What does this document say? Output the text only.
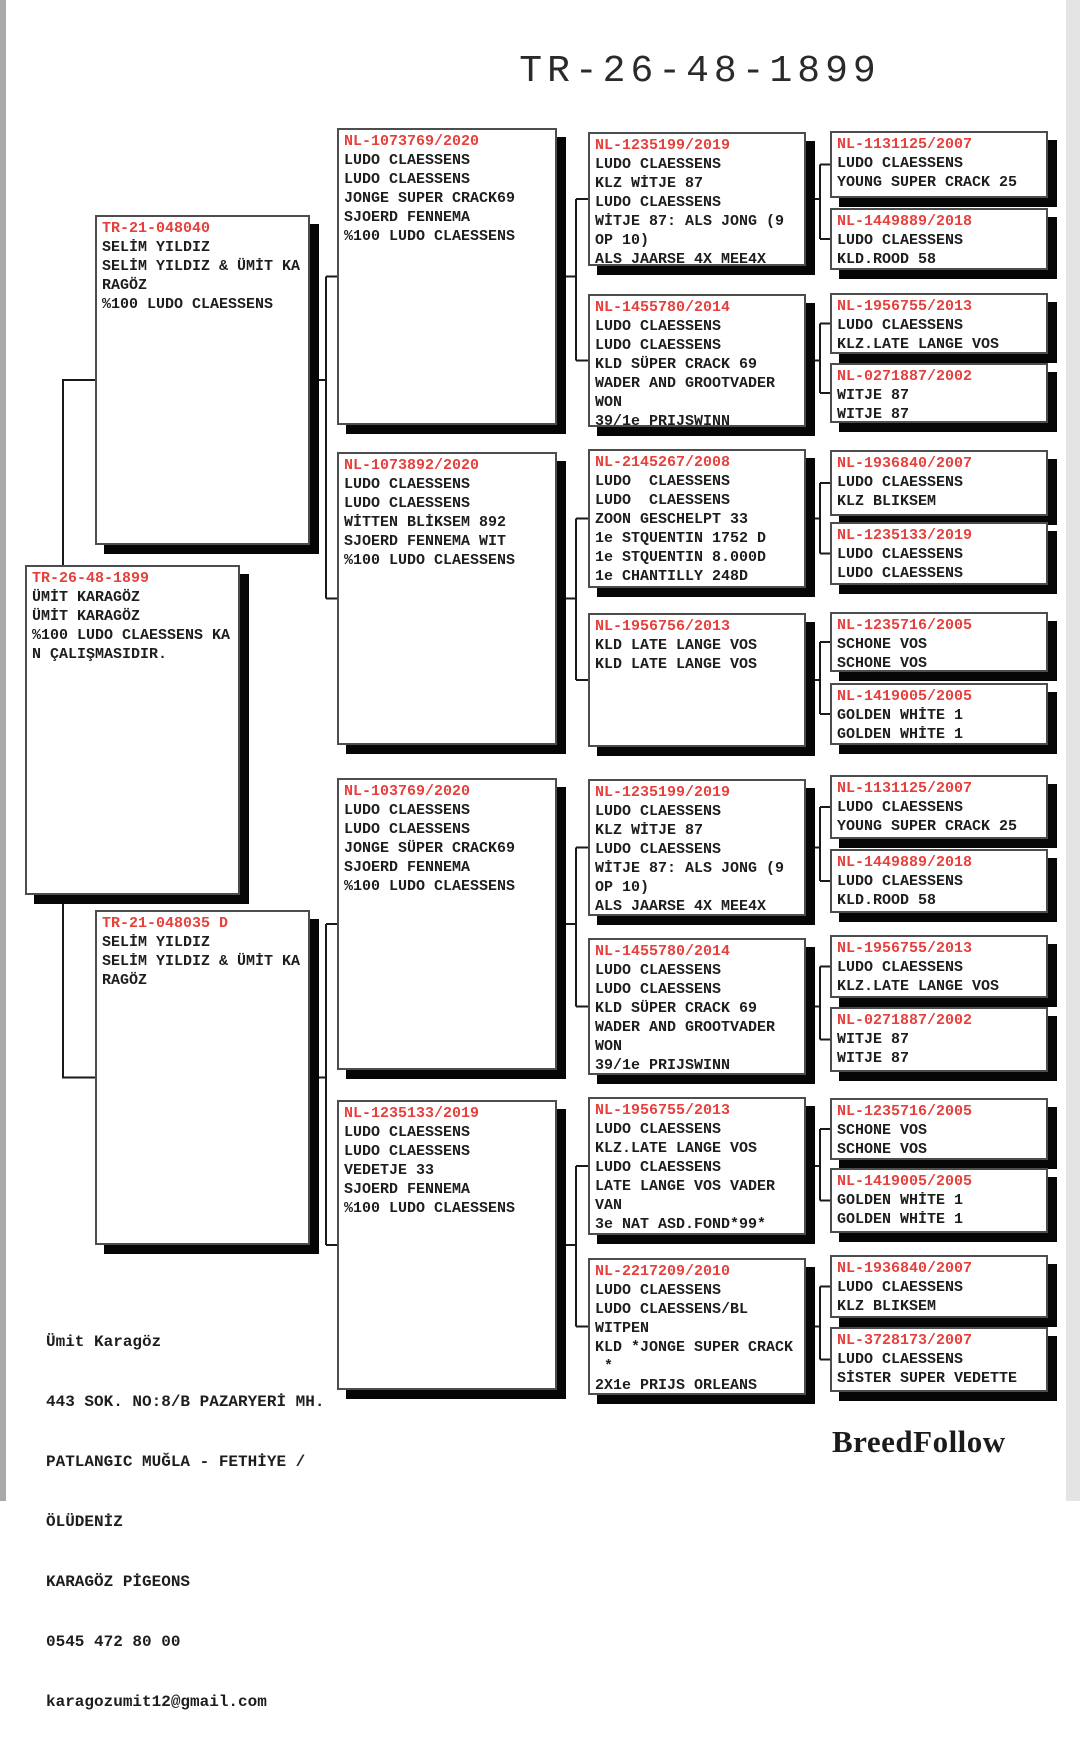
TR-26-48-1899
TR-26-48-1899
ÜMİT KARAGÖZ
ÜMİT KARAGÖZ
%100 LUDO CLAESSENS KA
N ÇALIŞMASIDIR.
TR-21-048040
SELİM YILDIZ
SELİM YILDIZ & ÜMİT KA
RAGÖZ
%100 LUDO CLAESSENS
TR-21-048035 D
SELİM YILDIZ
SELİM YILDIZ & ÜMİT KA
RAGÖZ
NL-1073769/2020
LUDO CLAESSENS
LUDO CLAESSENS
JONGE SUPER CRACK69
SJOERD FENNEMA
%100 LUDO CLAESSENS
NL-1073892/2020
LUDO CLAESSENS
LUDO CLAESSENS
WİTTEN BLİKSEM 892
SJOERD FENNEMA WIT
%100 LUDO CLAESSENS
NL-103769/2020
LUDO CLAESSENS
LUDO CLAESSENS
JONGE SÜPER CRACK69
SJOERD FENNEMA
%100 LUDO CLAESSENS
NL-1235133/2019
LUDO CLAESSENS
LUDO CLAESSENS
VEDETJE 33
SJOERD FENNEMA
%100 LUDO CLAESSENS
NL-1235199/2019
LUDO CLAESSENS
KLZ WİTJE 87
LUDO CLAESSENS
WİTJE 87: ALS JONG (9
OP 10)
ALS JAARSE 4X MEE4X
NL-1455780/2014
LUDO CLAESSENS
LUDO CLAESSENS
KLD SÜPER CRACK 69
WADER AND GROOTVADER
WON
39/1e PRIJSWINN
NL-2145267/2008
LUDO  CLAESSENS
LUDO  CLAESSENS
ZOON GESCHELPT 33
1e STQUENTIN 1752 D
1e STQUENTIN 8.000D
1e CHANTILLY 248D
NL-1956756/2013
KLD LATE LANGE VOS
KLD LATE LANGE VOS
NL-1235199/2019
LUDO CLAESSENS
KLZ WİTJE 87
LUDO CLAESSENS
WİTJE 87: ALS JONG (9
OP 10)
ALS JAARSE 4X MEE4X
NL-1455780/2014
LUDO CLAESSENS
LUDO CLAESSENS
KLD SÜPER CRACK 69
WADER AND GROOTVADER
WON
39/1e PRIJSWINN
NL-1956755/2013
LUDO CLAESSENS
KLZ.LATE LANGE VOS
LUDO CLAESSENS
LATE LANGE VOS VADER
VAN
3e NAT ASD.FOND*99*
NL-2217209/2010
LUDO CLAESSENS
LUDO CLAESSENS/BL
WITPEN
KLD *JONGE SUPER CRACK
*
2X1e PRIJS ORLEANS
NL-1131125/2007
LUDO CLAESSENS
YOUNG SUPER CRACK 25
NL-1449889/2018
LUDO CLAESSENS
KLD.ROOD 58
NL-1956755/2013
LUDO CLAESSENS
KLZ.LATE LANGE VOS
NL-0271887/2002
WITJE 87
WITJE 87
NL-1936840/2007
LUDO CLAESSENS
KLZ BLIKSEM
NL-1235133/2019
LUDO CLAESSENS
LUDO CLAESSENS
NL-1235716/2005
SCHONE VOS
SCHONE VOS
NL-1419005/2005
GOLDEN WHİTE 1
GOLDEN WHİTE 1
NL-1131125/2007
LUDO CLAESSENS
YOUNG SUPER CRACK 25
NL-1449889/2018
LUDO CLAESSENS
KLD.ROOD 58
NL-1956755/2013
LUDO CLAESSENS
KLZ.LATE LANGE VOS
NL-0271887/2002
WITJE 87
WITJE 87
NL-1235716/2005
SCHONE VOS
SCHONE VOS
NL-1419005/2005
GOLDEN WHİTE 1
GOLDEN WHİTE 1
NL-1936840/2007
LUDO CLAESSENS
KLZ BLIKSEM
NL-3728173/2007
LUDO CLAESSENS
SİSTER SUPER VEDETTE

Ümit Karagöz

443 SOK. NO:8/B PAZARYERİ MH.

PATLANGIC MUĞLA - FETHİYE /

ÖLÜDENİZ

KARAGÖZ PİGEONS

0545 472 80 00

karagozumit12@gmail.com

BreedFollow
